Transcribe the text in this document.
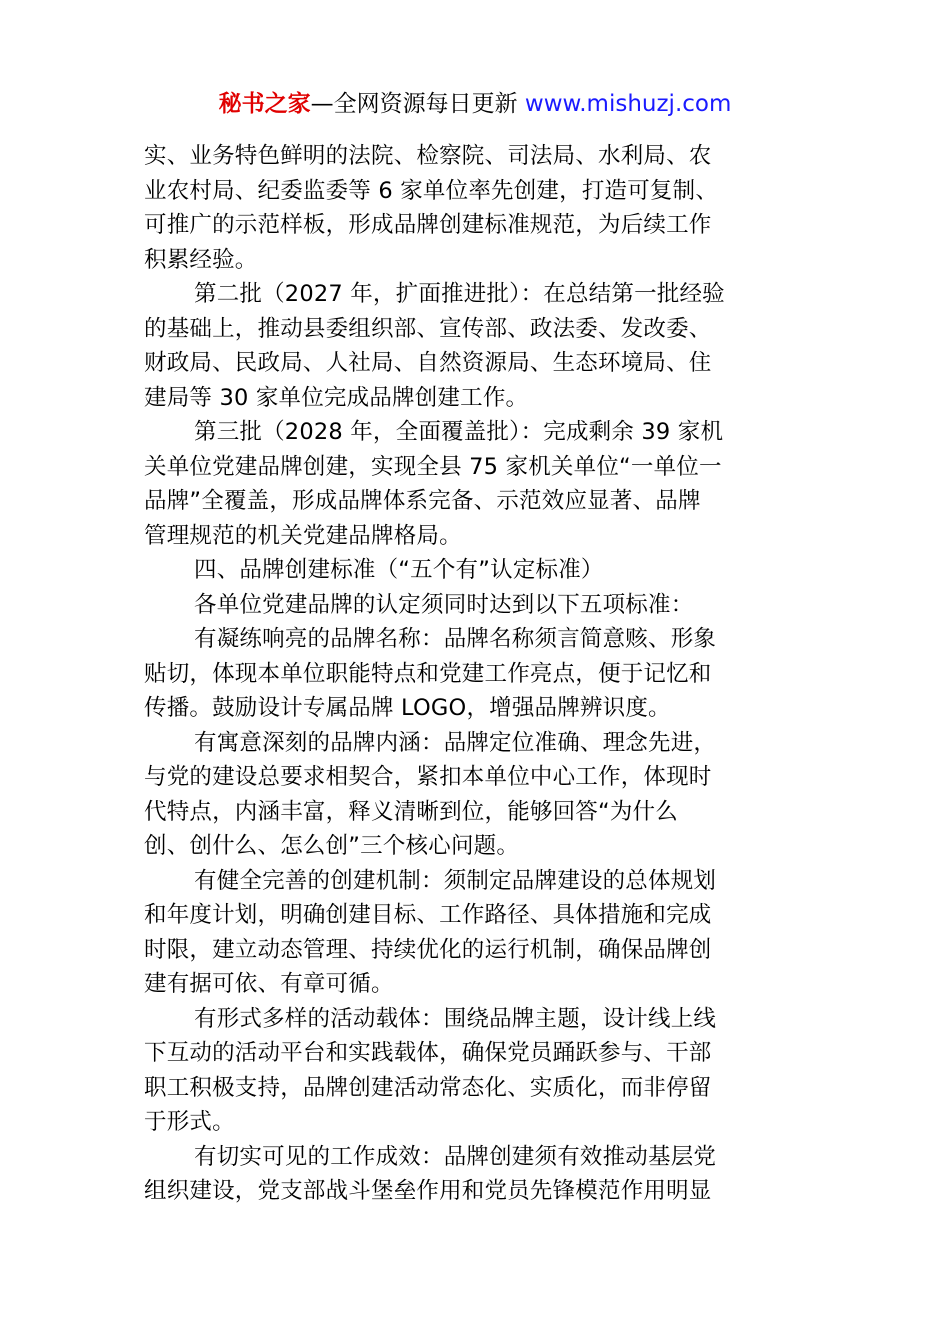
秘书之家—全网资源每日更新 www.mishuzj.com
实、业务特色鲜明的法院、检察院、司法局、水利局、农
业农村局、纪委监委等 6 家单位率先创建，打造可复制、
可推广的示范样板，形成品牌创建标准规范，为后续工作
积累经验。
第二批（2027 年，扩面推进批）：在总结第一批经验
的基础上，推动县委组织部、宣传部、政法委、发改委、
财政局、民政局、人社局、自然资源局、生态环境局、住
建局等 30 家单位完成品牌创建工作。
第三批（2028 年，全面覆盖批）：完成剩余 39 家机
关单位党建品牌创建，实现全县 75 家机关单位“一单位一
品牌”全覆盖，形成品牌体系完备、示范效应显著、品牌
管理规范的机关党建品牌格局。
四、品牌创建标准（“五个有”认定标准）
各单位党建品牌的认定须同时达到以下五项标准：
有凝练响亮的品牌名称：品牌名称须言简意赅、形象
贴切，体现本单位职能特点和党建工作亮点，便于记忆和
传播。鼓励设计专属品牌 LOGO，增强品牌辨识度。
有寓意深刻的品牌内涵：品牌定位准确、理念先进，
与党的建设总要求相契合，紧扣本单位中心工作，体现时
代特点，内涵丰富，释义清晰到位，能够回答“为什么
创、创什么、怎么创”三个核心问题。
有健全完善的创建机制：须制定品牌建设的总体规划
和年度计划，明确创建目标、工作路径、具体措施和完成
时限，建立动态管理、持续优化的运行机制，确保品牌创
建有据可依、有章可循。
有形式多样的活动载体：围绕品牌主题，设计线上线
下互动的活动平台和实践载体，确保党员踊跃参与、干部
职工积极支持，品牌创建活动常态化、实质化，而非停留
于形式。
有切实可见的工作成效：品牌创建须有效推动基层党
组织建设，党支部战斗堡垒作用和党员先锋模范作用明显
